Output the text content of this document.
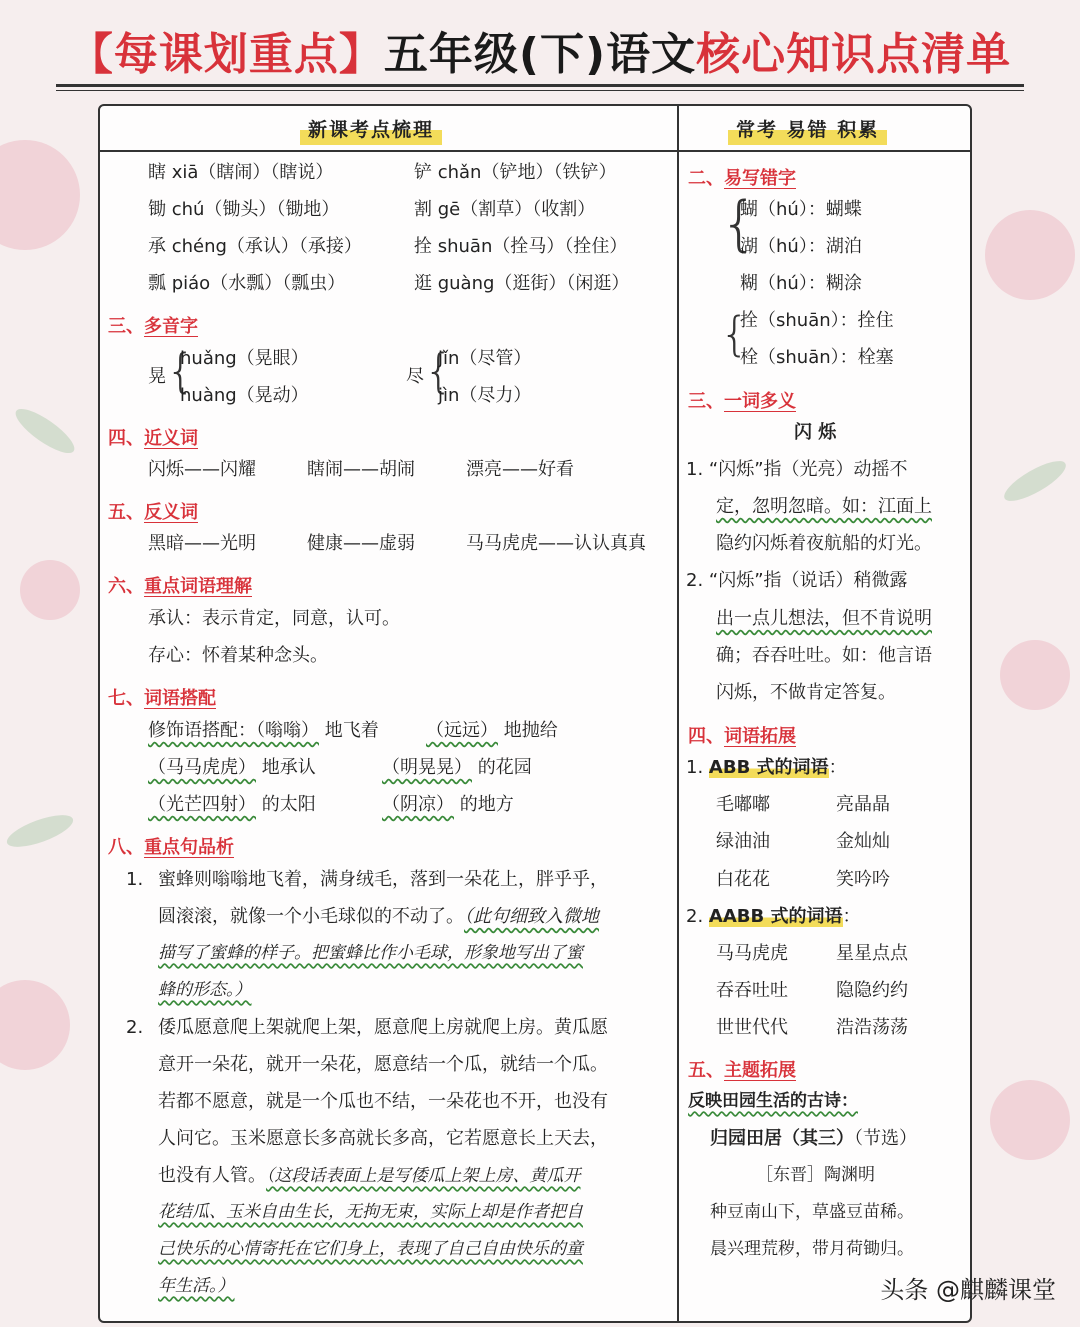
【每课划重点】五年级(下)语文核心知识点清单
新课考点梳理	常考 易错 积累
瞎 xiā（瞎闹）（瞎说）	铲 chǎn（铲地）（铁铲）
锄 chú（锄头）（锄地）	割 gē（割草）（收割）
承 chéng（承认）（承接）	拴 shuān（拴马）（拴住）
瓢 piáo（水瓢）（瓢虫）	逛 guàng（逛街）（闲逛）
三、多音字
晃 {
huǎng（晃眼）
huàng（晃动）
尽 {
jǐn（尽管）
jìn（尽力）
四、近义词
闪烁——闪耀	瞎闹——胡闹	漂亮——好看
五、反义词
黑暗——光明	健康——虚弱	马马虎虎——认认真真
六、重点词语理解
承认：表示肯定，同意，认可。
存心：怀着某种念头。
七、词语搭配
修饰语搭配：（嗡嗡） 地飞着	（远远） 地抛给
（马马虎虎） 地承认	（明晃晃） 的花园
（光芒四射） 的太阳	（阴凉） 的地方
八、重点句品析
1. 蜜蜂则嗡嗡地飞着，满身绒毛，落到一朵花上，胖乎乎，
圆滚滚，就像一个小毛球似的不动了。（此句细致入微地
描写了蜜蜂的样子。把蜜蜂比作小毛球，形象地写出了蜜
蜂的形态。）
2. 倭瓜愿意爬上架就爬上架，愿意爬上房就爬上房。黄瓜愿
意开一朵花，就开一朵花，愿意结一个瓜，就结一个瓜。
若都不愿意，就是一个瓜也不结，一朵花也不开，也没有
人问它。玉米愿意长多高就长多高，它若愿意长上天去，
也没有人管。（这段话表面上是写倭瓜上架上房、黄瓜开
花结瓜、玉米自由生长，无拘无束，实际上却是作者把自
己快乐的心情寄托在它们身上，表现了自己自由快乐的童
年生活。）
二、易写错字
{
蝴（hú）：蝴蝶
湖（hú）：湖泊
糊（hú）：糊涂
{
拴（shuān）：拴住
栓（shuān）：栓塞
三、一词多义
闪 烁
1. “闪烁”指（光亮）动摇不
定，忽明忽暗。如：江面上
隐约闪烁着夜航船的灯光。
2. “闪烁”指（说话）稍微露
出一点儿想法，但不肯说明
确；吞吞吐吐。如：他言语
闪烁，不做肯定答复。
四、词语拓展
1. ABB 式的词语：
毛嘟嘟	亮晶晶
绿油油	金灿灿
白花花	笑吟吟
2. AABB 式的词语：
马马虎虎	星星点点
吞吞吐吐	隐隐约约
世世代代	浩浩荡荡
五、主题拓展
反映田园生活的古诗：
归园田居（其三）（节选）
［东晋］陶渊明
种豆南山下，草盛豆苗稀。
晨兴理荒秽，带月荷锄归。
头条 @麒麟课堂
